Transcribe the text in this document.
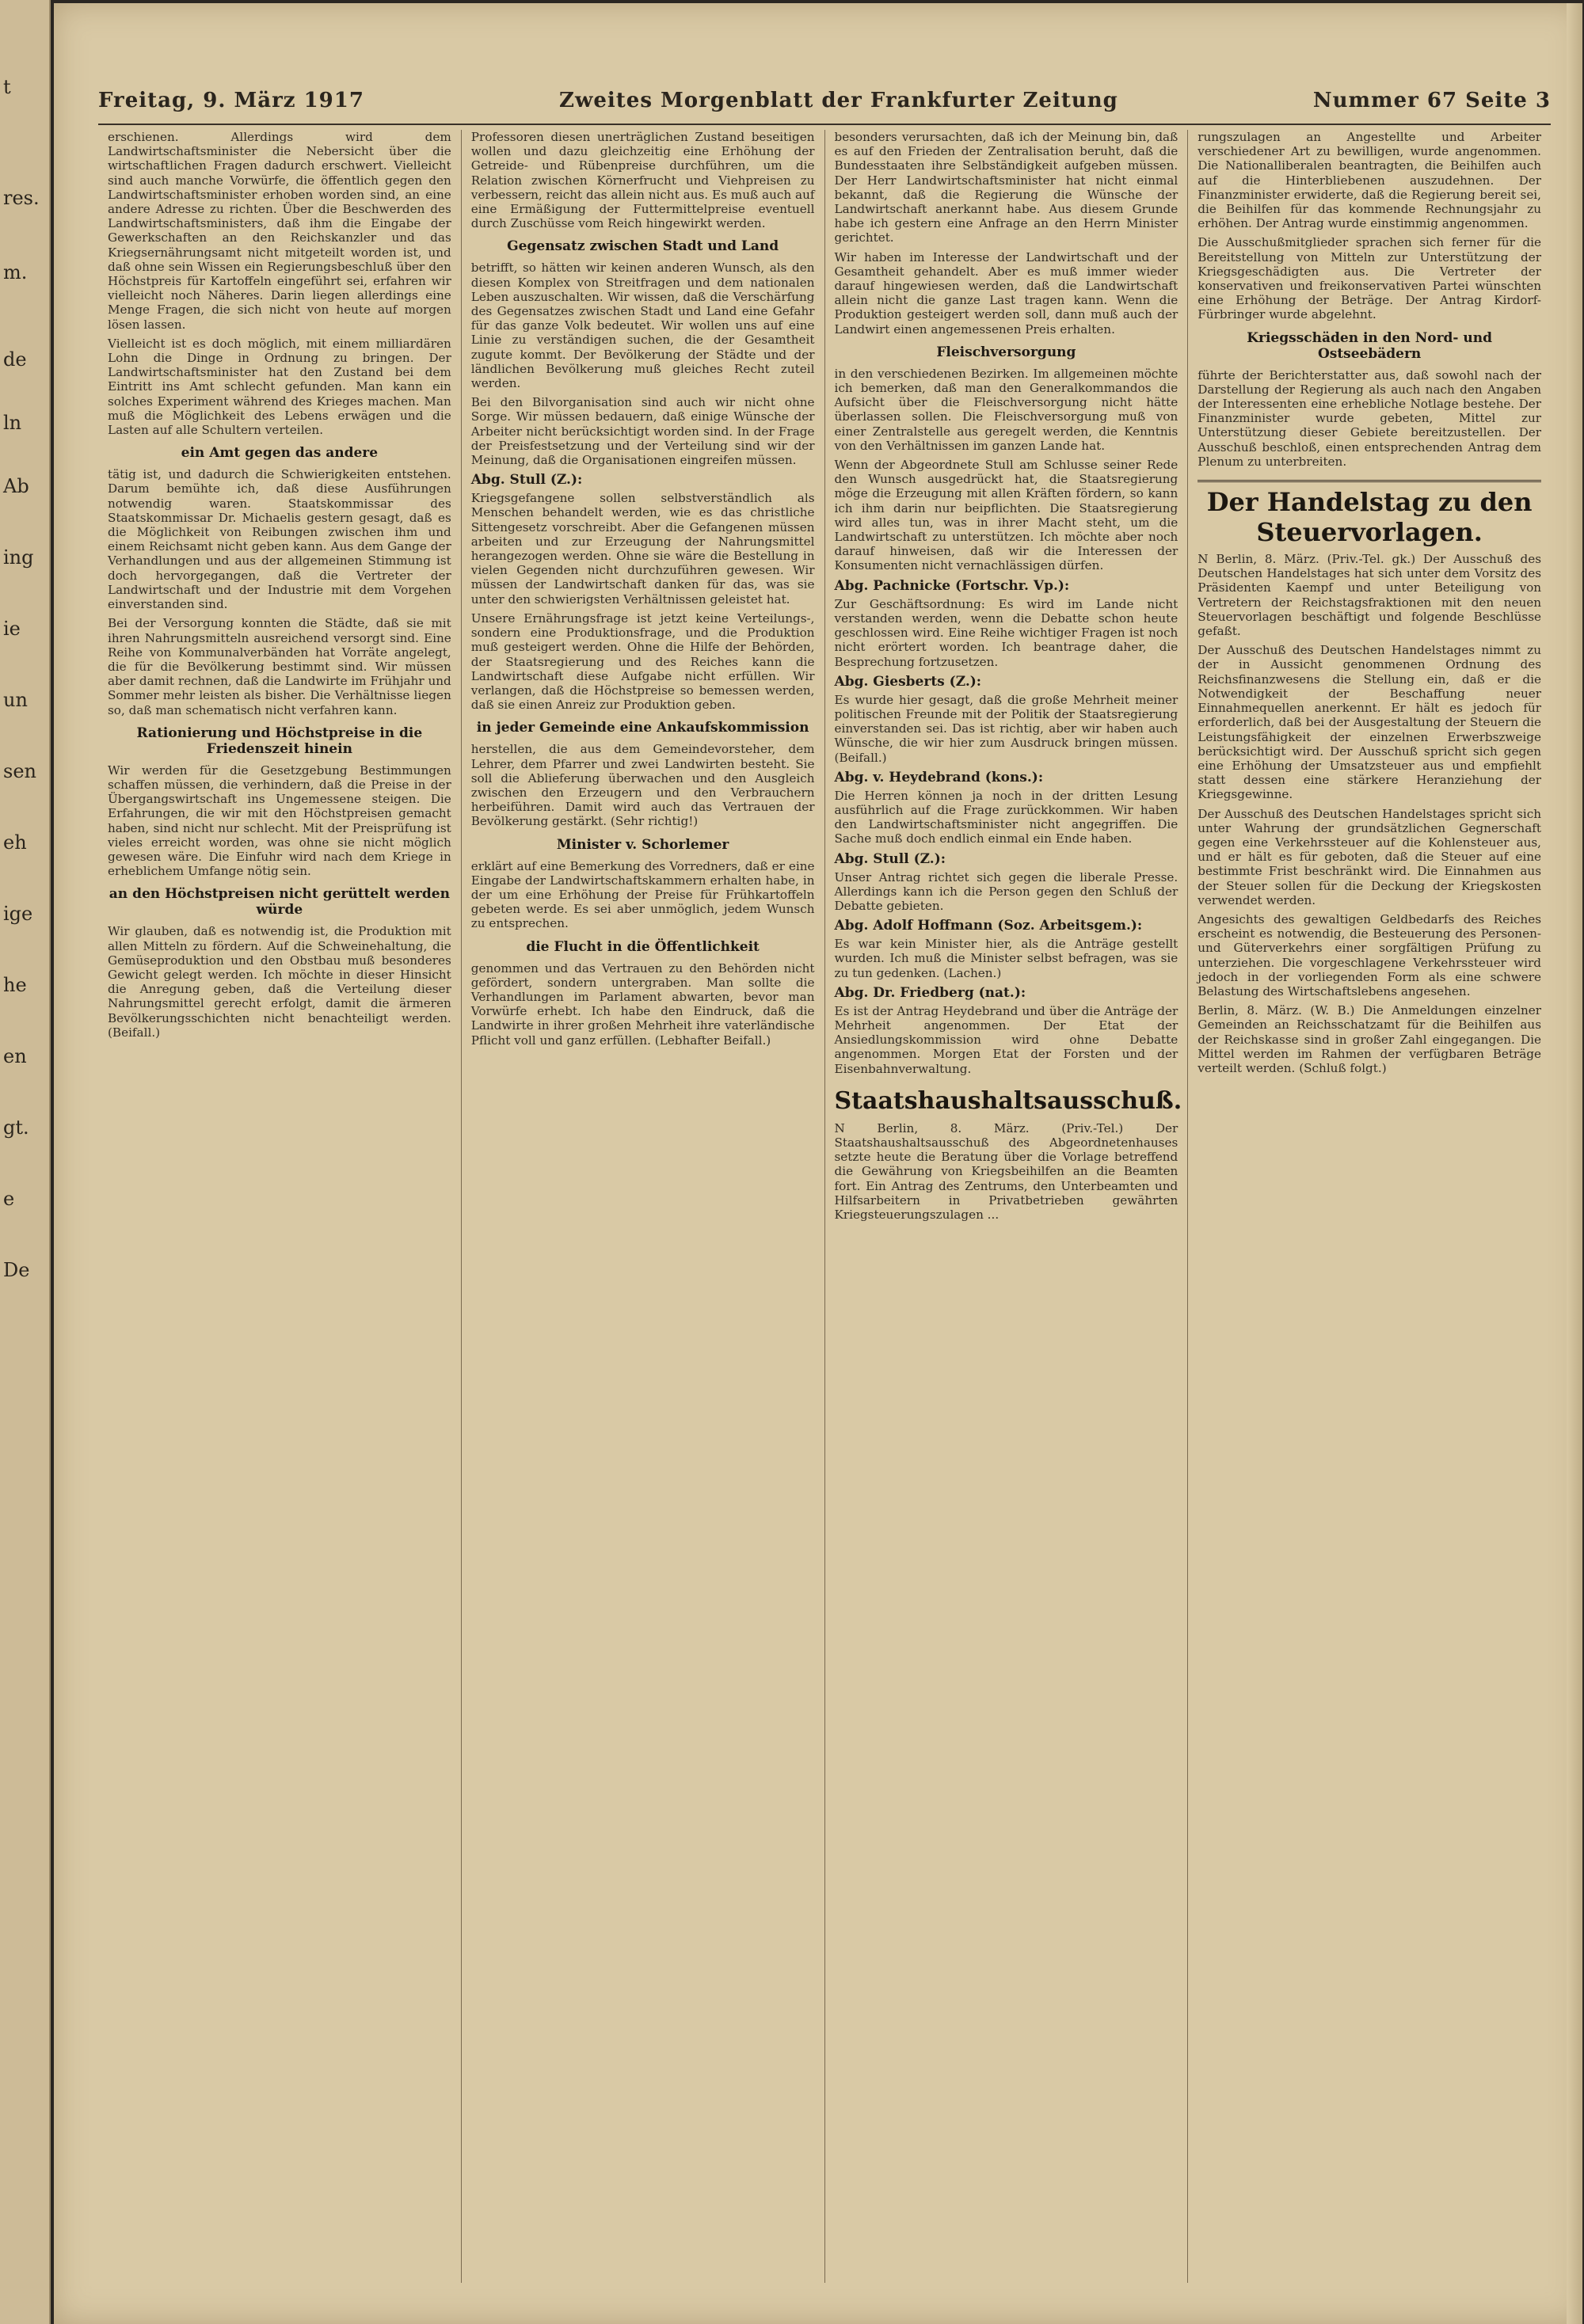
t
res.
m.
de
ln
Ab
ing
ie
un
sen
eh
ige
he
en
gt.
e
De
Freitag, 9. März 1917	Zweites Morgenblatt der Frankfurter Zeitung	Nummer 67 Seite 3

erschienen. Allerdings wird dem Landwirtschaftsminister die Nebersicht über die wirtschaftlichen Fragen dadurch erschwert. Vielleicht sind auch manche Vorwürfe, die öffentlich gegen den Landwirtschaftsminister erhoben worden sind, an eine andere Adresse zu richten. Über die Beschwerden des Landwirtschaftsministers, daß ihm die Eingabe der Gewerkschaften an den Reichskanzler und das Kriegsernährungsamt nicht mitgeteilt worden ist, und daß ohne sein Wissen ein Regierungsbeschluß über den Höchstpreis für Kartoffeln eingeführt sei, erfahren wir vielleicht noch Näheres. Darin liegen allerdings eine Menge Fragen, die sich nicht von heute auf morgen lösen lassen.

Vielleicht ist es doch möglich, mit einem milliardären Lohn die Dinge in Ordnung zu bringen. Der Landwirtschaftsminister hat den Zustand bei dem Eintritt ins Amt schlecht gefunden. Man kann ein solches Experiment während des Krieges machen. Man muß die Möglichkeit des Lebens erwägen und die Lasten auf alle Schultern verteilen.

ein Amt gegen das andere

tätig ist, und dadurch die Schwierigkeiten entstehen. Darum bemühte ich, daß diese Ausführungen notwendig waren. Staatskommissar des Staatskommissar Dr. Michaelis gestern gesagt, daß es die Möglichkeit von Reibungen zwischen ihm und einem Reichsamt nicht geben kann. Aus dem Gange der Verhandlungen und aus der allgemeinen Stimmung ist doch hervorgegangen, daß die Vertreter der Landwirtschaft und der Industrie mit dem Vorgehen einverstanden sind.

Bei der Versorgung konnten die Städte, daß sie mit ihren Nahrungsmitteln ausreichend versorgt sind. Eine Reihe von Kommunalverbänden hat Vorräte angelegt, die für die Bevölkerung bestimmt sind. Wir müssen aber damit rechnen, daß die Landwirte im Frühjahr und Sommer mehr leisten als bisher. Die Verhältnisse liegen so, daß man schematisch nicht verfahren kann.

Rationierung und Höchstpreise in die Friedenszeit hinein

Wir werden für die Gesetzgebung Bestimmungen schaffen müssen, die verhindern, daß die Preise in der Übergangswirtschaft ins Ungemessene steigen. Die Erfahrungen, die wir mit den Höchstpreisen gemacht haben, sind nicht nur schlecht. Mit der Preisprüfung ist vieles erreicht worden, was ohne sie nicht möglich gewesen wäre. Die Einfuhr wird nach dem Kriege in erheblichem Umfange nötig sein.

an den Höchstpreisen nicht gerüttelt werden würde

Wir glauben, daß es notwendig ist, die Produktion mit allen Mitteln zu fördern. Auf die Schweinehaltung, die Gemüseproduktion und den Obstbau muß besonderes Gewicht gelegt werden. Ich möchte in dieser Hinsicht die Anregung geben, daß die Verteilung dieser Nahrungsmittel gerecht erfolgt, damit die ärmeren Bevölkerungsschichten nicht benachteiligt werden. (Beifall.)

Professoren diesen unerträglichen Zustand beseitigen wollen und dazu gleichzeitig eine Erhöhung der Getreide- und Rübenpreise durchführen, um die Relation zwischen Körnerfrucht und Viehpreisen zu verbessern, reicht das allein nicht aus. Es muß auch auf eine Ermäßigung der Futtermittelpreise eventuell durch Zuschüsse vom Reich hingewirkt werden.

Gegensatz zwischen Stadt und Land

betrifft, so hätten wir keinen anderen Wunsch, als den diesen Komplex von Streitfragen und dem nationalen Leben auszuschalten. Wir wissen, daß die Verschärfung des Gegensatzes zwischen Stadt und Land eine Gefahr für das ganze Volk bedeutet. Wir wollen uns auf eine Linie zu verständigen suchen, die der Gesamtheit zugute kommt. Der Bevölkerung der Städte und der ländlichen Bevölkerung muß gleiches Recht zuteil werden.

Bei den Bilvorganisation sind auch wir nicht ohne Sorge. Wir müssen bedauern, daß einige Wünsche der Arbeiter nicht berücksichtigt worden sind. In der Frage der Preisfestsetzung und der Verteilung sind wir der Meinung, daß die Organisationen eingreifen müssen.

Abg. Stull (Z.):

Kriegsgefangene sollen selbstverständlich als Menschen behandelt werden, wie es das christliche Sittengesetz vorschreibt. Aber die Gefangenen müssen arbeiten und zur Erzeugung der Nahrungsmittel herangezogen werden. Ohne sie wäre die Bestellung in vielen Gegenden nicht durchzuführen gewesen. Wir müssen der Landwirtschaft danken für das, was sie unter den schwierigsten Verhältnissen geleistet hat.

Unsere Ernährungsfrage ist jetzt keine Verteilungs-, sondern eine Produktionsfrage, und die Produktion muß gesteigert werden. Ohne die Hilfe der Behörden, der Staatsregierung und des Reiches kann die Landwirtschaft diese Aufgabe nicht erfüllen. Wir verlangen, daß die Höchstpreise so bemessen werden, daß sie einen Anreiz zur Produktion geben.

in jeder Gemeinde eine Ankaufskommission

herstellen, die aus dem Gemeindevorsteher, dem Lehrer, dem Pfarrer und zwei Landwirten besteht. Sie soll die Ablieferung überwachen und den Ausgleich zwischen den Erzeugern und den Verbrauchern herbeiführen. Damit wird auch das Vertrauen der Bevölkerung gestärkt. (Sehr richtig!)

Minister v. Schorlemer

erklärt auf eine Bemerkung des Vorredners, daß er eine Eingabe der Landwirtschaftskammern erhalten habe, in der um eine Erhöhung der Preise für Frühkartoffeln gebeten werde. Es sei aber unmöglich, jedem Wunsch zu entsprechen.

die Flucht in die Öffentlichkeit

genommen und das Vertrauen zu den Behörden nicht gefördert, sondern untergraben. Man sollte die Verhandlungen im Parlament abwarten, bevor man Vorwürfe erhebt. Ich habe den Eindruck, daß die Landwirte in ihrer großen Mehrheit ihre vaterländische Pflicht voll und ganz erfüllen. (Lebhafter Beifall.)

besonders verursachten, daß ich der Meinung bin, daß es auf den Frieden der Zentralisation beruht, daß die Bundesstaaten ihre Selbständigkeit aufgeben müssen. Der Herr Landwirtschaftsminister hat nicht einmal bekannt, daß die Regierung die Wünsche der Landwirtschaft anerkannt habe. Aus diesem Grunde habe ich gestern eine Anfrage an den Herrn Minister gerichtet.

Wir haben im Interesse der Landwirtschaft und der Gesamtheit gehandelt. Aber es muß immer wieder darauf hingewiesen werden, daß die Landwirtschaft allein nicht die ganze Last tragen kann. Wenn die Produktion gesteigert werden soll, dann muß auch der Landwirt einen angemessenen Preis erhalten.

Fleischversorgung

in den verschiedenen Bezirken. Im allgemeinen möchte ich bemerken, daß man den Generalkommandos die Aufsicht über die Fleischversorgung nicht hätte überlassen sollen. Die Fleischversorgung muß von einer Zentralstelle aus geregelt werden, die Kenntnis von den Verhältnissen im ganzen Lande hat.

Wenn der Abgeordnete Stull am Schlusse seiner Rede den Wunsch ausgedrückt hat, die Staatsregierung möge die Erzeugung mit allen Kräften fördern, so kann ich ihm darin nur beipflichten. Die Staatsregierung wird alles tun, was in ihrer Macht steht, um die Landwirtschaft zu unterstützen. Ich möchte aber noch darauf hinweisen, daß wir die Interessen der Konsumenten nicht vernachlässigen dürfen.

Abg. Pachnicke (Fortschr. Vp.):

Zur Geschäftsordnung: Es wird im Lande nicht verstanden werden, wenn die Debatte schon heute geschlossen wird. Eine Reihe wichtiger Fragen ist noch nicht erörtert worden. Ich beantrage daher, die Besprechung fortzusetzen.

Abg. Giesberts (Z.):

Es wurde hier gesagt, daß die große Mehrheit meiner politischen Freunde mit der Politik der Staatsregierung einverstanden sei. Das ist richtig, aber wir haben auch Wünsche, die wir hier zum Ausdruck bringen müssen. (Beifall.)

Abg. v. Heydebrand (kons.):

Die Herren können ja noch in der dritten Lesung ausführlich auf die Frage zurückkommen. Wir haben den Landwirtschaftsminister nicht angegriffen. Die Sache muß doch endlich einmal ein Ende haben.

Abg. Stull (Z.):

Unser Antrag richtet sich gegen die liberale Presse. Allerdings kann ich die Person gegen den Schluß der Debatte gebieten.

Abg. Adolf Hoffmann (Soz. Arbeitsgem.):

Es war kein Minister hier, als die Anträge gestellt wurden. Ich muß die Minister selbst befragen, was sie zu tun gedenken. (Lachen.)

Abg. Dr. Friedberg (nat.):

Es ist der Antrag Heydebrand und über die Anträge der Mehrheit angenommen. Der Etat der Ansiedlungskommission wird ohne Debatte angenommen. Morgen Etat der Forsten und der Eisenbahnverwaltung.

Staatshaushaltsausschuß.

N Berlin, 8. März. (Priv.-Tel.) Der Staatshaushaltsausschuß des Abgeordnetenhauses setzte heute die Beratung über die Vorlage betreffend die Gewährung von Kriegsbeihilfen an die Beamten fort. Ein Antrag des Zentrums, den Unterbeamten und Hilfsarbeitern in Privatbetrieben gewährten Kriegsteuerungszulagen ...

rungszulagen an Angestellte und Arbeiter verschiedener Art zu bewilligen, wurde angenommen. Die Nationalliberalen beantragten, die Beihilfen auch auf die Hinterbliebenen auszudehnen. Der Finanzminister erwiderte, daß die Regierung bereit sei, die Beihilfen für das kommende Rechnungsjahr zu erhöhen. Der Antrag wurde einstimmig angenommen.

Die Ausschußmitglieder sprachen sich ferner für die Bereitstellung von Mitteln zur Unterstützung der Kriegsgeschädigten aus. Die Vertreter der konservativen und freikonservativen Partei wünschten eine Erhöhung der Beträge. Der Antrag Kirdorf-Fürbringer wurde abgelehnt.

Kriegsschäden in den Nord- und Ostseebädern

führte der Berichterstatter aus, daß sowohl nach der Darstellung der Regierung als auch nach den Angaben der Interessenten eine erhebliche Notlage bestehe. Der Finanzminister wurde gebeten, Mittel zur Unterstützung dieser Gebiete bereitzustellen. Der Ausschuß beschloß, einen entsprechenden Antrag dem Plenum zu unterbreiten.

Der Handelstag zu den Steuervorlagen.

N Berlin, 8. März. (Priv.-Tel. gk.) Der Ausschuß des Deutschen Handelstages hat sich unter dem Vorsitz des Präsidenten Kaempf und unter Beteiligung von Vertretern der Reichstagsfraktionen mit den neuen Steuervorlagen beschäftigt und folgende Beschlüsse gefaßt.

Der Ausschuß des Deutschen Handelstages nimmt zu der in Aussicht genommenen Ordnung des Reichsfinanzwesens die Stellung ein, daß er die Notwendigkeit der Beschaffung neuer Einnahmequellen anerkennt. Er hält es jedoch für erforderlich, daß bei der Ausgestaltung der Steuern die Leistungsfähigkeit der einzelnen Erwerbszweige berücksichtigt wird. Der Ausschuß spricht sich gegen eine Erhöhung der Umsatzsteuer aus und empfiehlt statt dessen eine stärkere Heranziehung der Kriegsgewinne.

Der Ausschuß des Deutschen Handelstages spricht sich unter Wahrung der grundsätzlichen Gegnerschaft gegen eine Verkehrssteuer auf die Kohlensteuer aus, und er hält es für geboten, daß die Steuer auf eine bestimmte Frist beschränkt wird. Die Einnahmen aus der Steuer sollen für die Deckung der Kriegskosten verwendet werden.

Angesichts des gewaltigen Geldbedarfs des Reiches erscheint es notwendig, die Besteuerung des Personen- und Güterverkehrs einer sorgfältigen Prüfung zu unterziehen. Die vorgeschlagene Verkehrssteuer wird jedoch in der vorliegenden Form als eine schwere Belastung des Wirtschaftslebens angesehen.

Berlin, 8. März. (W. B.) Die Anmeldungen einzelner Gemeinden an Reichsschatzamt für die Beihilfen aus der Reichskasse sind in großer Zahl eingegangen. Die Mittel werden im Rahmen der verfügbaren Beträge verteilt werden. (Schluß folgt.)
